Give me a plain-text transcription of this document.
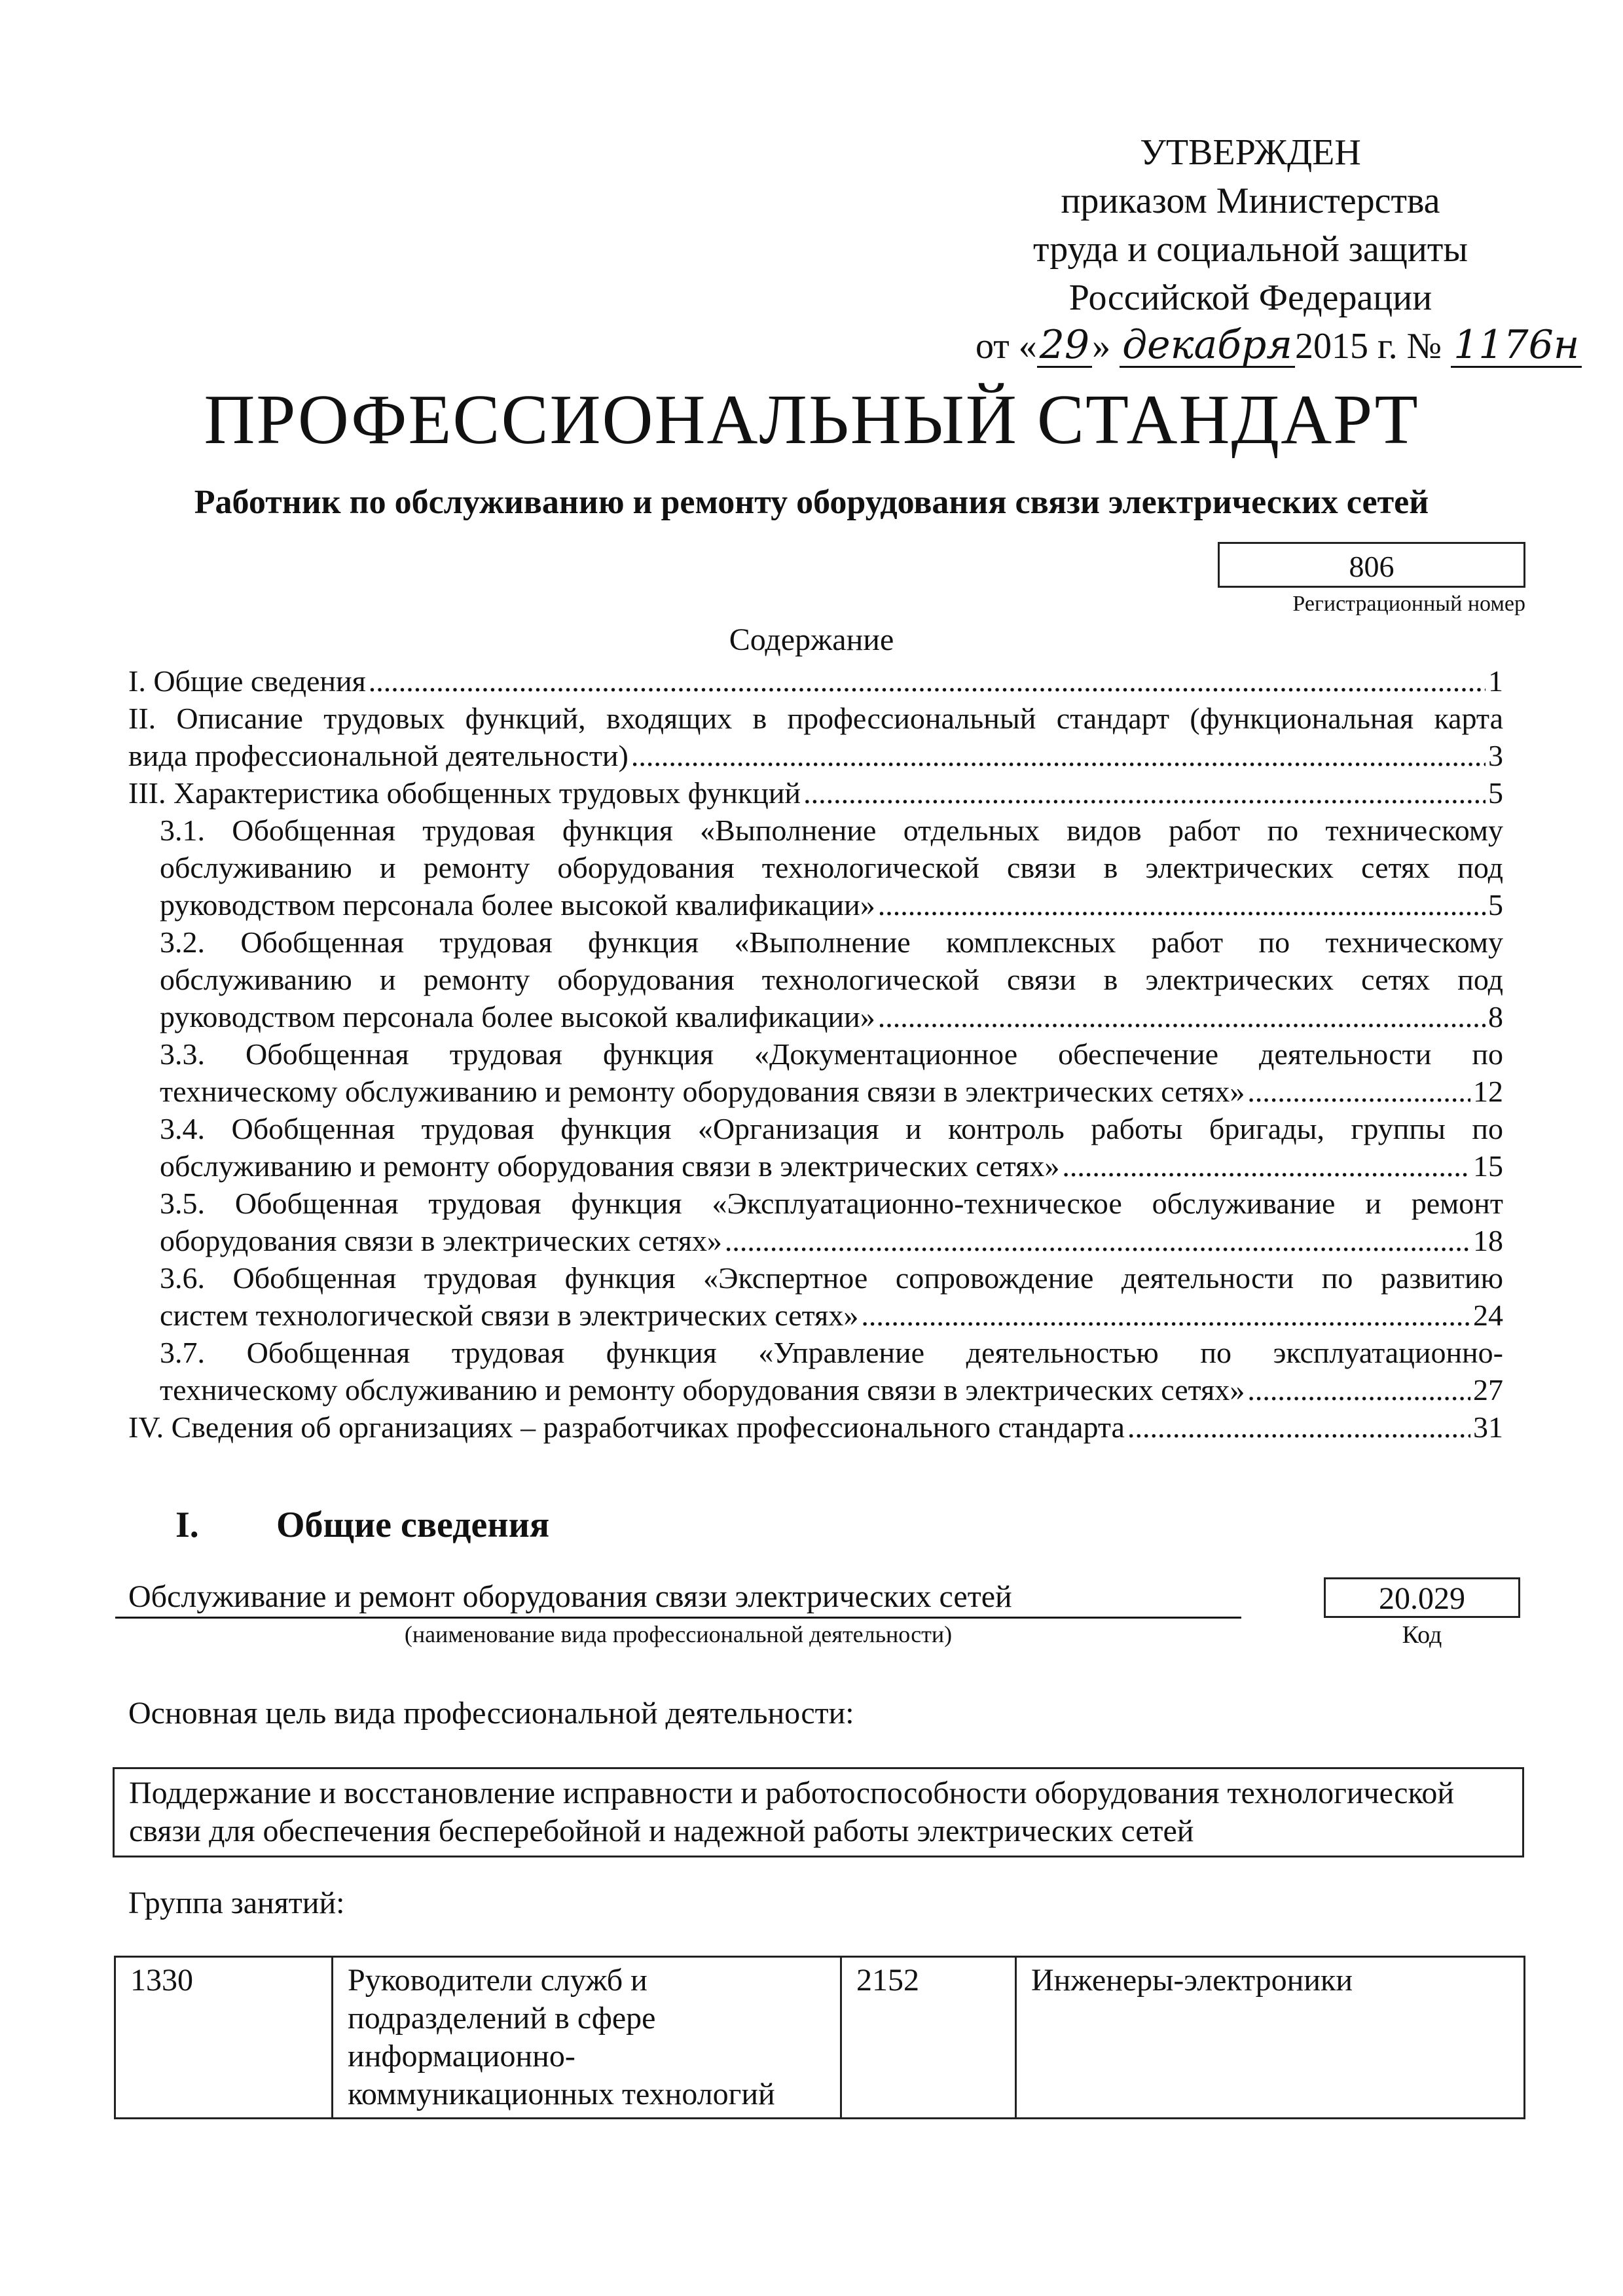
УТВЕРЖДЕН
приказом Министерства
труда и социальной защиты
Российской Федерации
от «29» декабря2015 г. № 1176н
ПРОФЕССИОНАЛЬНЫЙ СТАНДАРТ
Работник по обслуживанию и ремонту оборудования связи электрических сетей
806
Регистрационный номер
Содержание
I. Общие сведения .....	1
II. Описание трудовых функций, входящих в профессиональный стандарт (функциональная карта
вида профессиональной деятельности) .....	3
III. Характеристика обобщенных трудовых функций .....	5
3.1. Обобщенная трудовая функция «Выполнение отдельных видов работ по техническому
обслуживанию и ремонту оборудования технологической связи в электрических сетях под
руководством персонала более высокой квалификации» .....	5
3.2. Обобщенная трудовая функция «Выполнение комплексных работ по техническому
обслуживанию и ремонту оборудования технологической связи в электрических сетях под
руководством персонала более высокой квалификации» .....	8
3.3. Обобщенная трудовая функция «Документационное обеспечение деятельности по
техническому обслуживанию и ремонту оборудования связи в электрических сетях» .....	12
3.4. Обобщенная трудовая функция «Организация и контроль работы бригады, группы по
обслуживанию и ремонту оборудования связи в электрических сетях» .....	15
3.5. Обобщенная трудовая функция «Эксплуатационно-техническое обслуживание и ремонт
оборудования связи в электрических сетях» .....	18
3.6. Обобщенная трудовая функция «Экспертное сопровождение деятельности по развитию
систем технологической связи в электрических сетях» .....	24
3.7. Обобщенная трудовая функция «Управление деятельностью по эксплуатационно-
техническому обслуживанию и ремонту оборудования связи в электрических сетях» .....	27
IV. Сведения об организациях – разработчиках профессионального стандарта .....	31
I. Общие сведения
Обслуживание и ремонт оборудования связи электрических сетей
(наименование вида профессиональной деятельности)
20.029
Код
Основная цель вида профессиональной деятельности:
Поддержание и восстановление исправности и работоспособности оборудования технологической связи для обеспечения бесперебойной и надежной работы электрических сетей
Группа занятий:
1330	Руководители служб и подразделений в сфере информационно-коммуникационных технологий	2152	Инженеры-электроники
